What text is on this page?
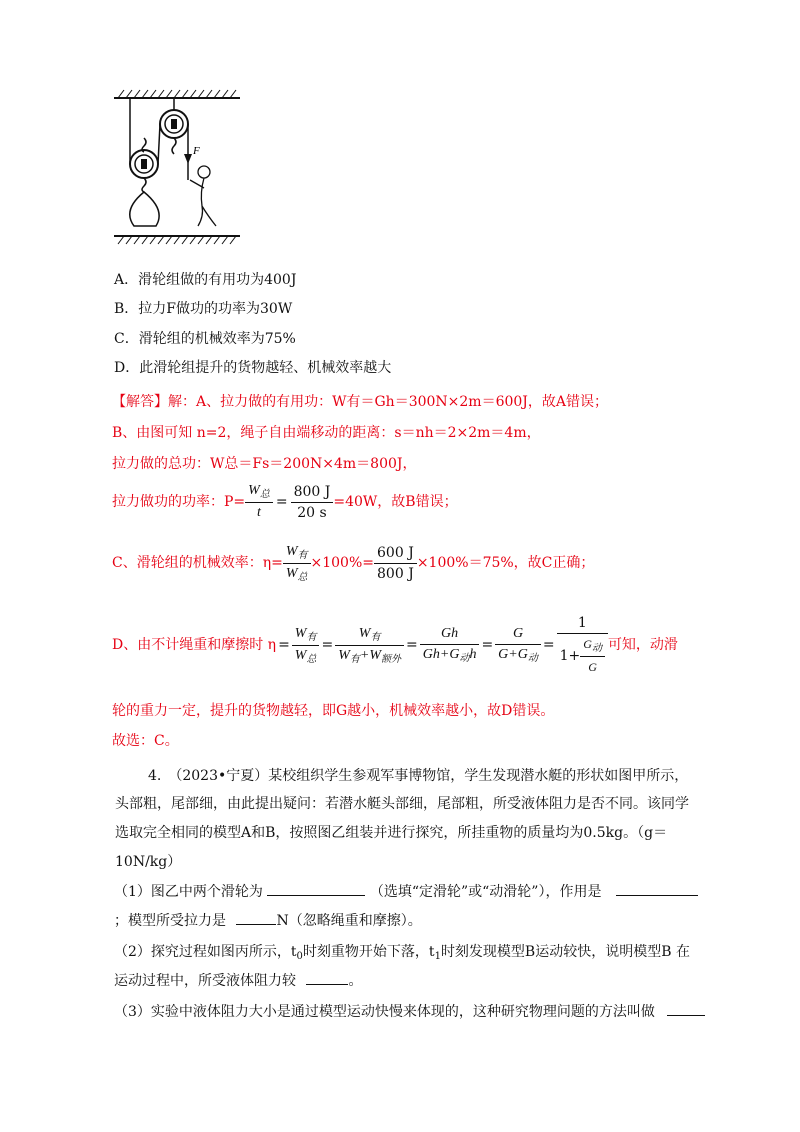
F
A．滑轮组做的有用功为400J
B．拉力F做功的功率为30W
C．滑轮组的机械效率为75%
D．此滑轮组提升的货物越轻、机械效率越大
【解答】解：A、拉力做的有用功：W有＝Gh＝300N×2m＝600J，故A错误；
B、由图可知 n=2，绳子自由端移动的距离：s＝nh＝2×2m＝4m，
拉力做的总功：W总＝Fs＝200N×4m＝800J，
拉力做功的功率：$P= \frac{W_总}{t} = \frac{800 J}{20 s} =40W$，故B错误；
C、滑轮组的机械效率：$\eta= \frac{W_有}{W_总} \times 100\%= \frac{600 J}{800 J} \times 100\%=75\%$，故C正确；
D、由不计绳重和摩擦时 $\eta = \frac{W_有}{W_总} = \frac{W_有}{W_有+W_{额外}} = \frac{Gh}{Gh+G_动h} = \frac{G}{G+G_动} = \frac{1}{1 + \frac{G_动}{G}}$ 可知，动滑
轮的重力一定，提升的货物越轻，即G越小，机械效率越小，故D错误。
故选：C。
4.　（2023•宁夏）某校组织学生参观军事博物馆，学生发现潜水艇的形状如图甲所示，
头部粗，尾部细，由此提出疑问：若潜水艇头部细，尾部粗，所受液体阻力是否不同。该同学
选取完全相同的模型A和B，按照图乙组装并进行探究，所挂重物的质量均为0.5kg。（g＝
10N/kg）
（1）图乙中两个滑轮为	（选填“定滑轮”或“动滑轮”），作用是
；模型所受拉力是	N（忽略绳重和摩擦）。
（2）探究过程如图丙所示，$t_0$时刻重物开始下落，$t_1$时刻发现模型B运动较快，说明模型B 在
运动过程中，所受液体阻力较	。
（3）实验中液体阻力大小是通过模型运动快慢来体现的，这种研究物理问题的方法叫做
